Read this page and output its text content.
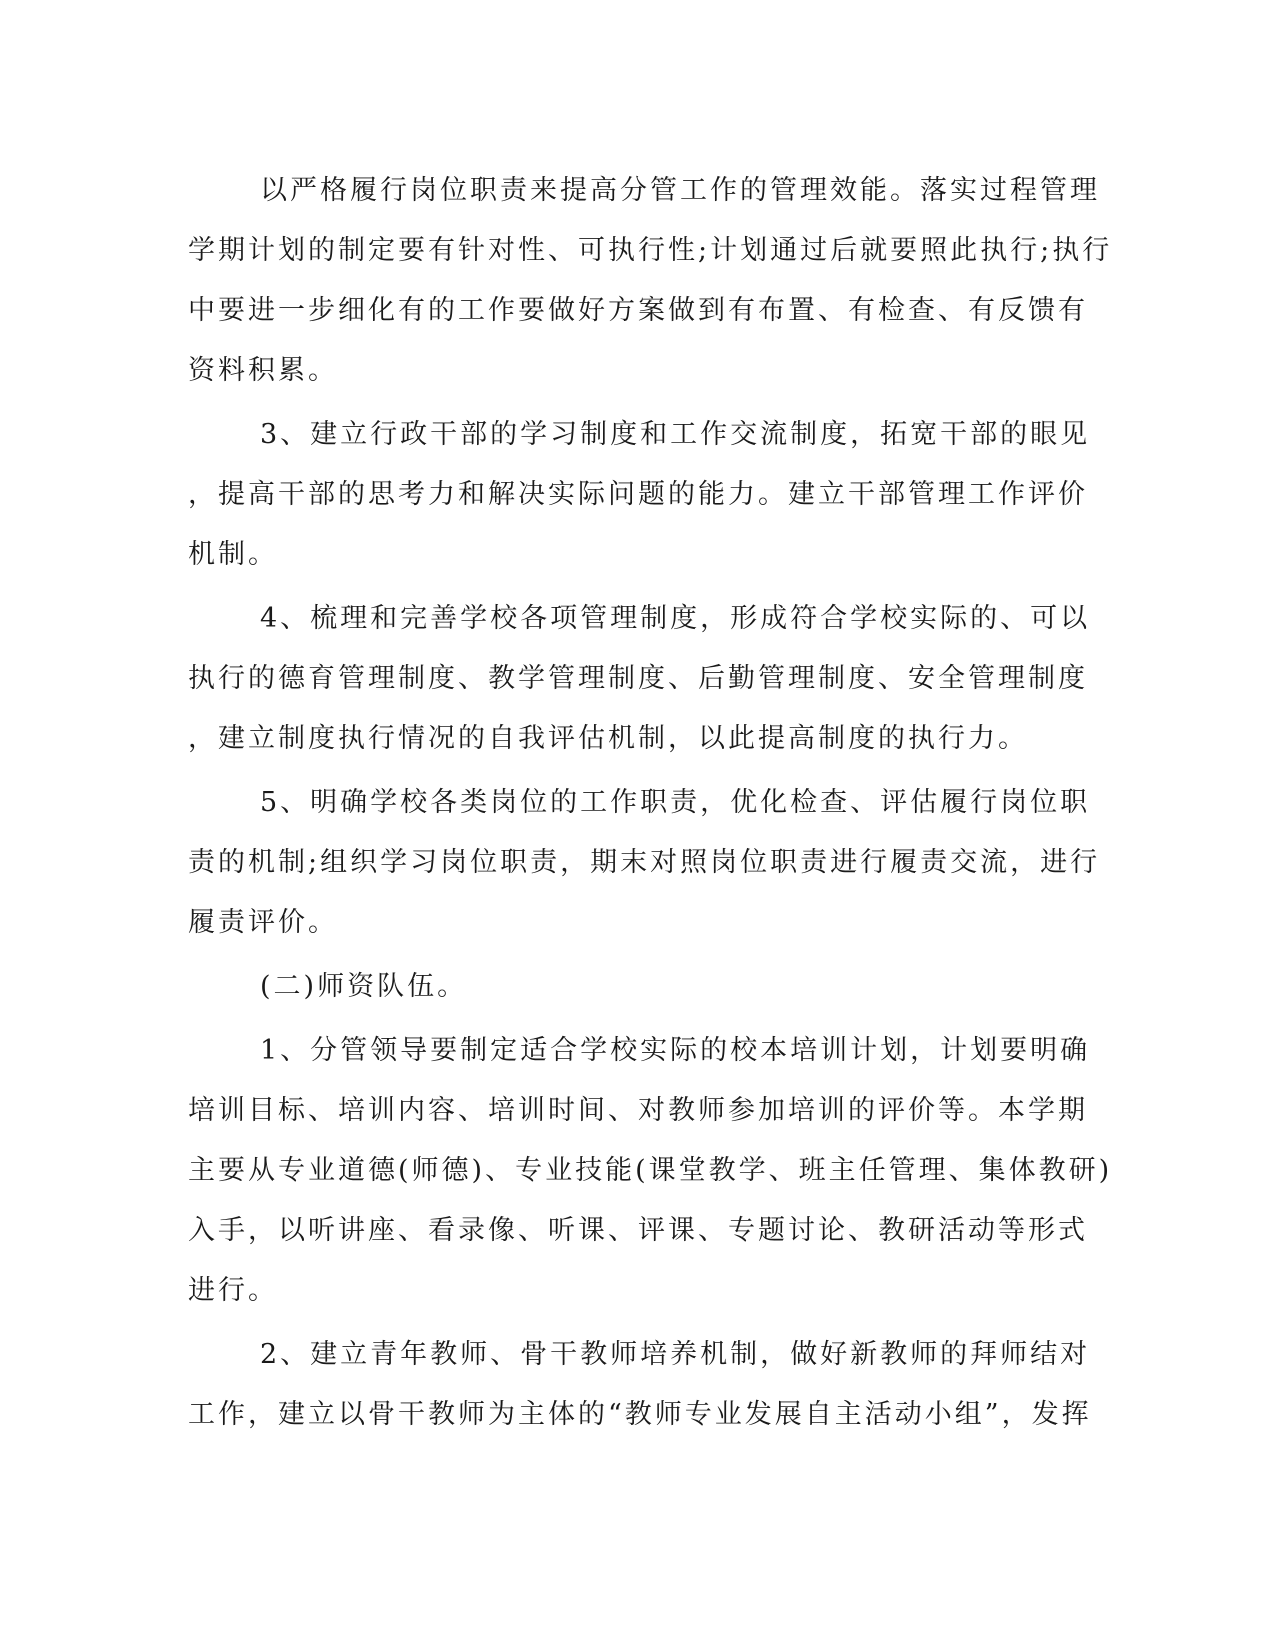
以严格履行岗位职责来提高分管工作的管理效能。落实过程管理
学期计划的制定要有针对性、可执行性;计划通过后就要照此执行;执行
中要进一步细化有的工作要做好方案做到有布置、有检查、有反馈有
资料积累。
3、建立行政干部的学习制度和工作交流制度，拓宽干部的眼见
，提高干部的思考力和解决实际问题的能力。建立干部管理工作评价
机制。
4、梳理和完善学校各项管理制度，形成符合学校实际的、可以
执行的德育管理制度、教学管理制度、后勤管理制度、安全管理制度
，建立制度执行情况的自我评估机制，以此提高制度的执行力。
5、明确学校各类岗位的工作职责，优化检查、评估履行岗位职
责的机制;组织学习岗位职责，期末对照岗位职责进行履责交流，进行
履责评价。
(二)师资队伍。
1、分管领导要制定适合学校实际的校本培训计划，计划要明确
培训目标、培训内容、培训时间、对教师参加培训的评价等。本学期
主要从专业道德(师德)、专业技能(课堂教学、班主任管理、集体教研)
入手，以听讲座、看录像、听课、评课、专题讨论、教研活动等形式
进行。
2、建立青年教师、骨干教师培养机制，做好新教师的拜师结对
工作，建立以骨干教师为主体的“教师专业发展自主活动小组”，发挥
